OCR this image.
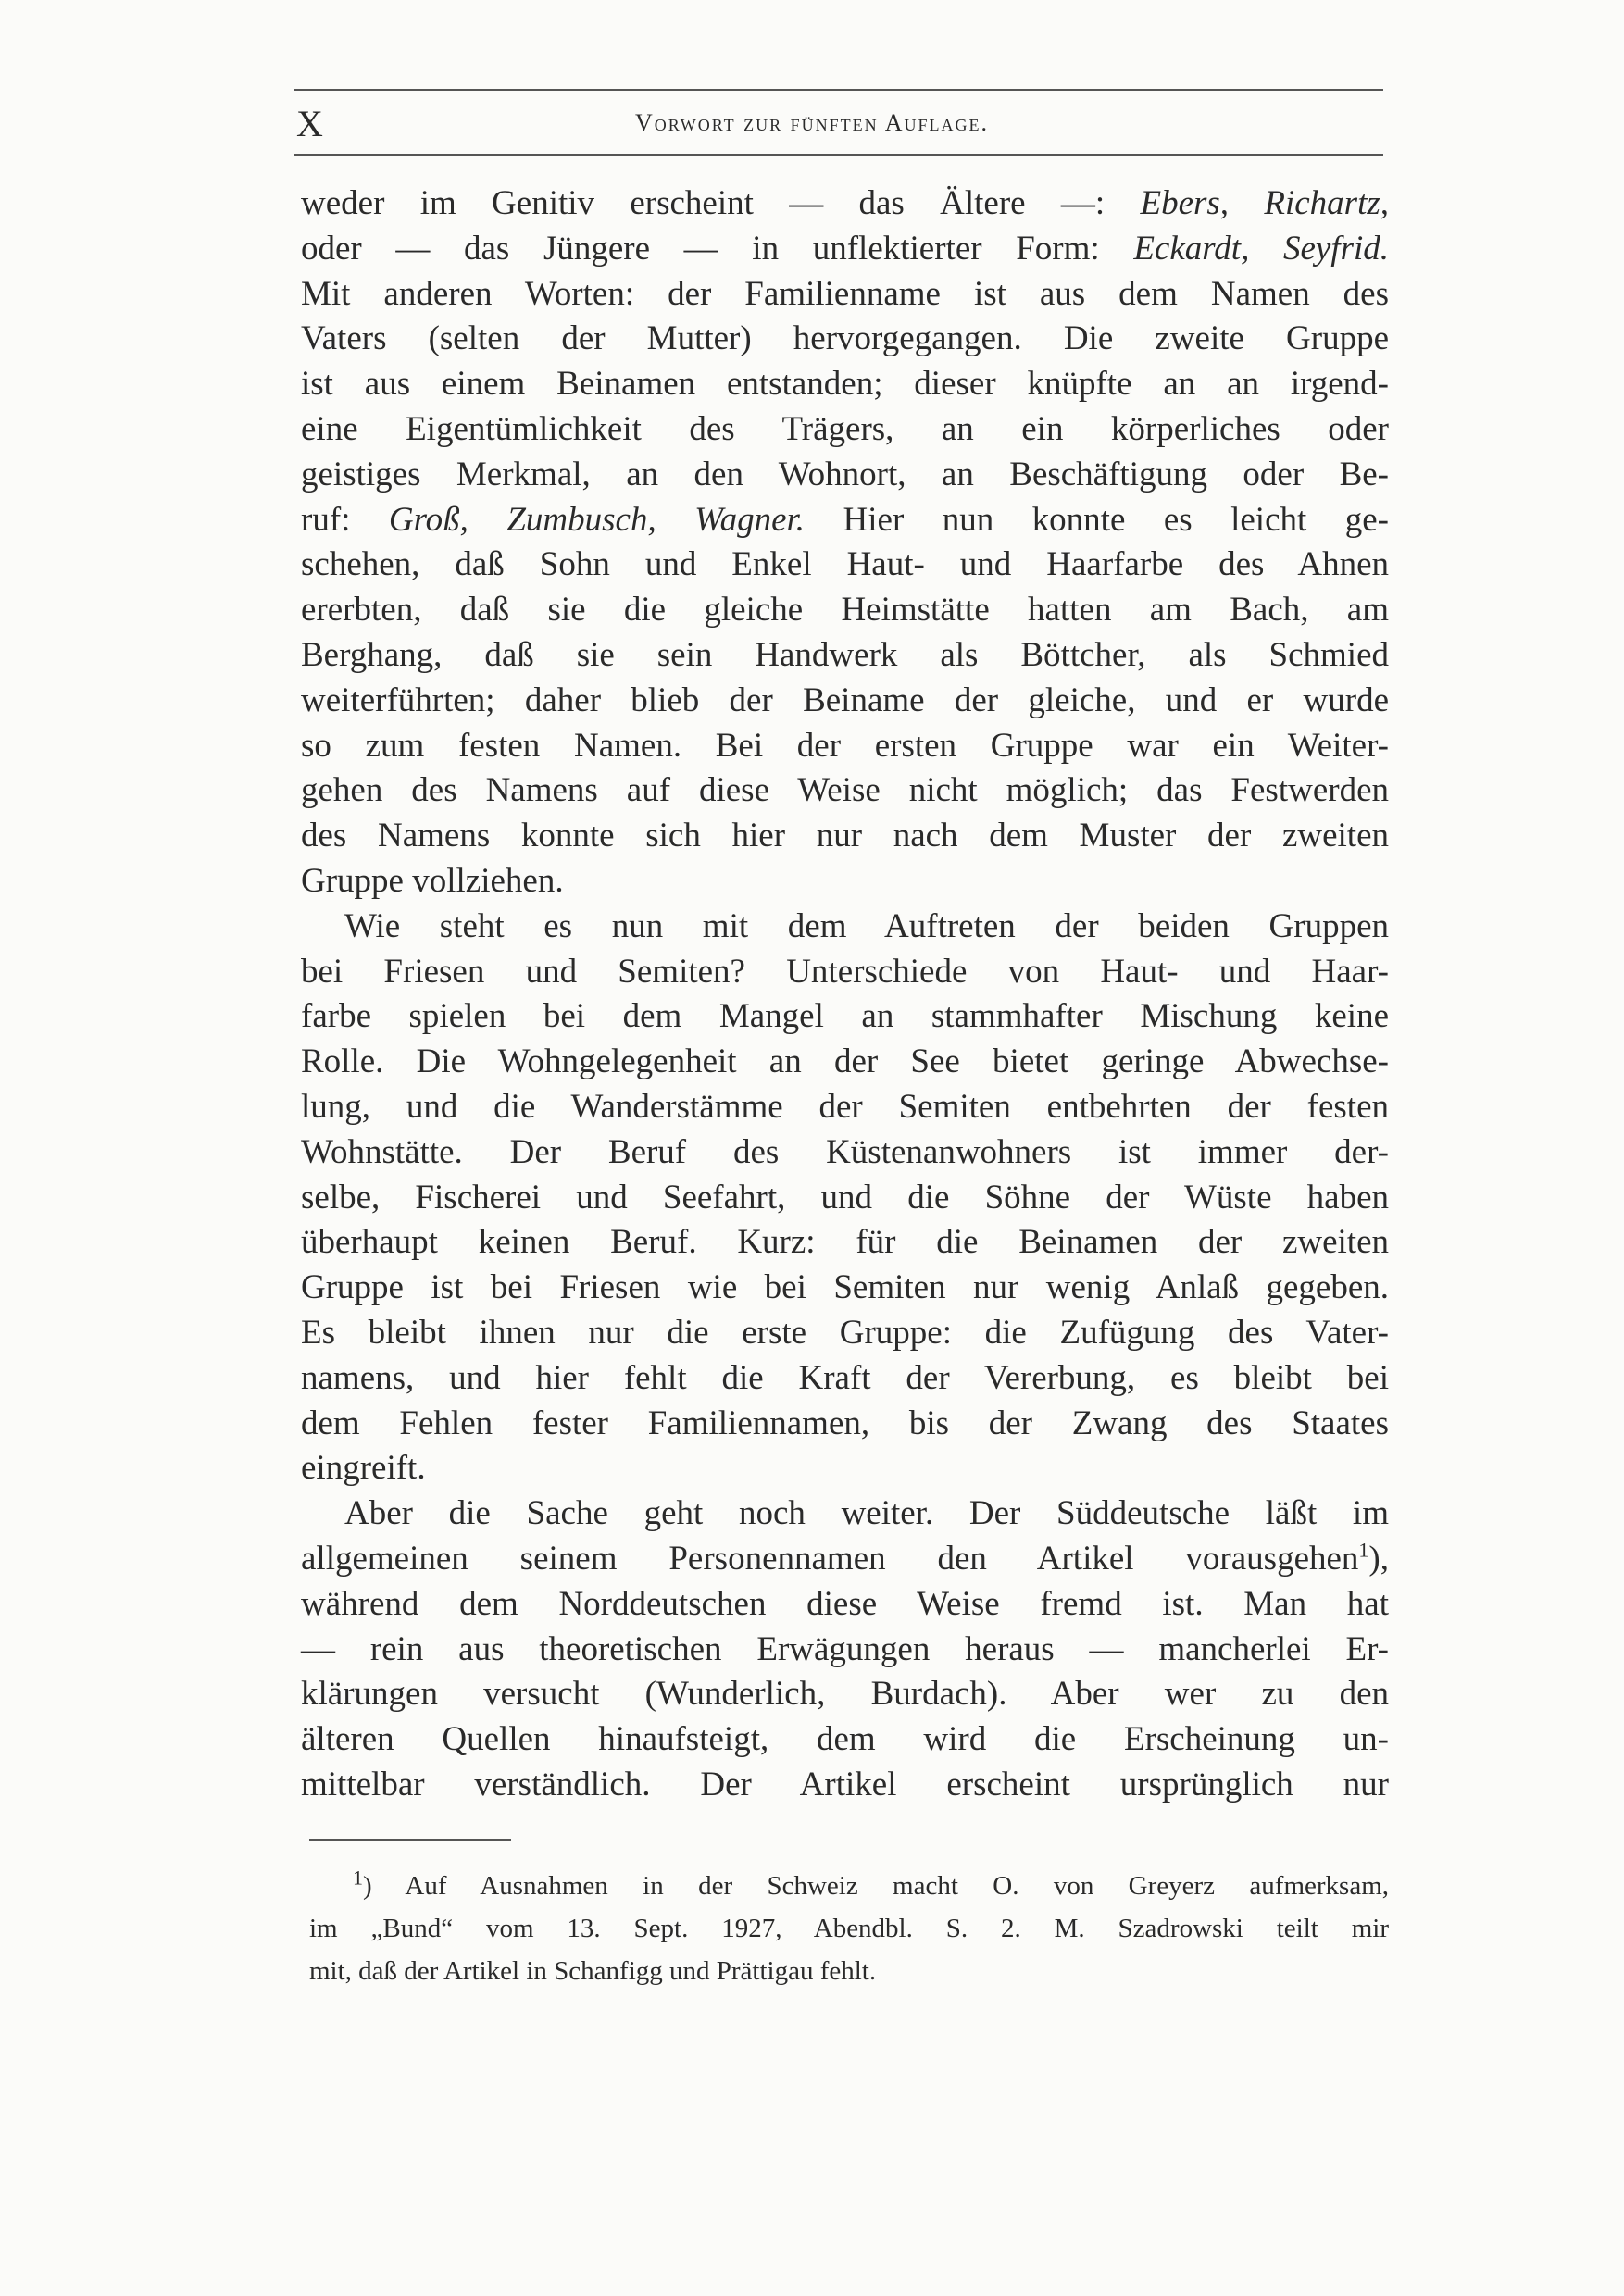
X	Vorwort zur fünften Auflage.
weder im Genitiv erscheint — das Ältere —: Ebers, Richartz,
oder — das Jüngere — in unflektierter Form: Eckardt, Seyfrid.
Mit anderen Worten: der Familienname ist aus dem Namen des
Vaters (selten der Mutter) hervorgegangen. Die zweite Gruppe
ist aus einem Beinamen entstanden; dieser knüpfte an an irgend-
eine Eigentümlichkeit des Trägers, an ein körperliches oder
geistiges Merkmal, an den Wohnort, an Beschäftigung oder Be-
ruf: Groß, Zumbusch, Wagner. Hier nun konnte es leicht ge-
schehen, daß Sohn und Enkel Haut- und Haarfarbe des Ahnen
ererbten, daß sie die gleiche Heimstätte hatten am Bach, am
Berghang, daß sie sein Handwerk als Böttcher, als Schmied
weiterführten; daher blieb der Beiname der gleiche, und er wurde
so zum festen Namen. Bei der ersten Gruppe war ein Weiter-
gehen des Namens auf diese Weise nicht möglich; das Festwerden
des Namens konnte sich hier nur nach dem Muster der zweiten
Gruppe vollziehen.
Wie steht es nun mit dem Auftreten der beiden Gruppen
bei Friesen und Semiten? Unterschiede von Haut- und Haar-
farbe spielen bei dem Mangel an stammhafter Mischung keine
Rolle. Die Wohngelegenheit an der See bietet geringe Abwechse-
lung, und die Wanderstämme der Semiten entbehrten der festen
Wohnstätte. Der Beruf des Küstenanwohners ist immer der-
selbe, Fischerei und Seefahrt, und die Söhne der Wüste haben
überhaupt keinen Beruf. Kurz: für die Beinamen der zweiten
Gruppe ist bei Friesen wie bei Semiten nur wenig Anlaß gegeben.
Es bleibt ihnen nur die erste Gruppe: die Zufügung des Vater-
namens, und hier fehlt die Kraft der Vererbung, es bleibt bei
dem Fehlen fester Familiennamen, bis der Zwang des Staates
eingreift.
Aber die Sache geht noch weiter. Der Süddeutsche läßt im
allgemeinen seinem Personennamen den Artikel vorausgehen$^1$),
während dem Norddeutschen diese Weise fremd ist. Man hat
— rein aus theoretischen Erwägungen heraus — mancherlei Er-
klärungen versucht (Wunderlich, Burdach). Aber wer zu den
älteren Quellen hinaufsteigt, dem wird die Erscheinung un-
mittelbar verständlich. Der Artikel erscheint ursprünglich nur
$^1$) Auf Ausnahmen in der Schweiz macht O. von Greyerz aufmerksam,
im „Bund“ vom 13. Sept. 1927, Abendbl. S. 2. M. Szadrowski teilt mir
mit, daß der Artikel in Schanfigg und Prättigau fehlt.
